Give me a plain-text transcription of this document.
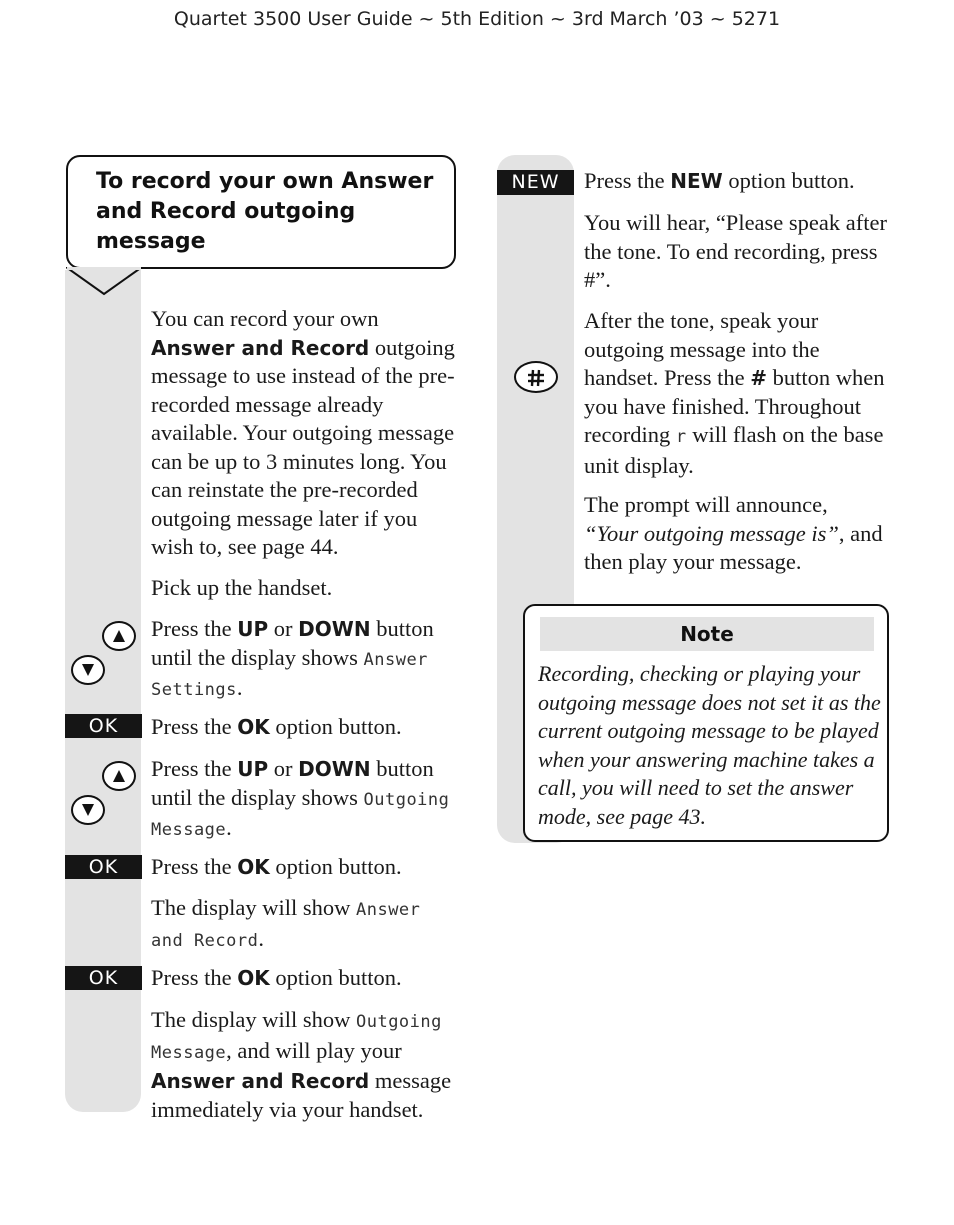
Quartet 3500 User Guide ~ 5th Edition ~ 3rd March ’03 ~ 5271
To record your own Answer and Record outgoing message
You can record your own
Answer and Record outgoing message to use instead of the pre-recorded message already available. Your outgoing message can be up to 3 minutes long. You can reinstate the pre-recorded outgoing message later if you wish to, see page 44.
Pick up the handset.
Press the UP or DOWN button until the display shows Answer Settings.
OK	Press the OK option button.
Press the UP or DOWN button until the display shows Outgoing Message.
OK	Press the OK option button.
The display will show Answer and Record.
OK	Press the OK option button.
The display will show Outgoing Message, and will play your Answer and Record message immediately via your handset.
NEW	Press the NEW option button.
You will hear, “Please speak after the tone. To end recording, press #”.
After the tone, speak your outgoing message into the handset. Press the # button when you have finished. Throughout recording r will flash on the base unit display.
The prompt will announce,
“Your outgoing message is”, and then play your message.
Note
Recording, checking or playing your outgoing message does not set it as the current outgoing message to be played when your answering machine takes a call, you will need to set the answer mode, see page 43.
